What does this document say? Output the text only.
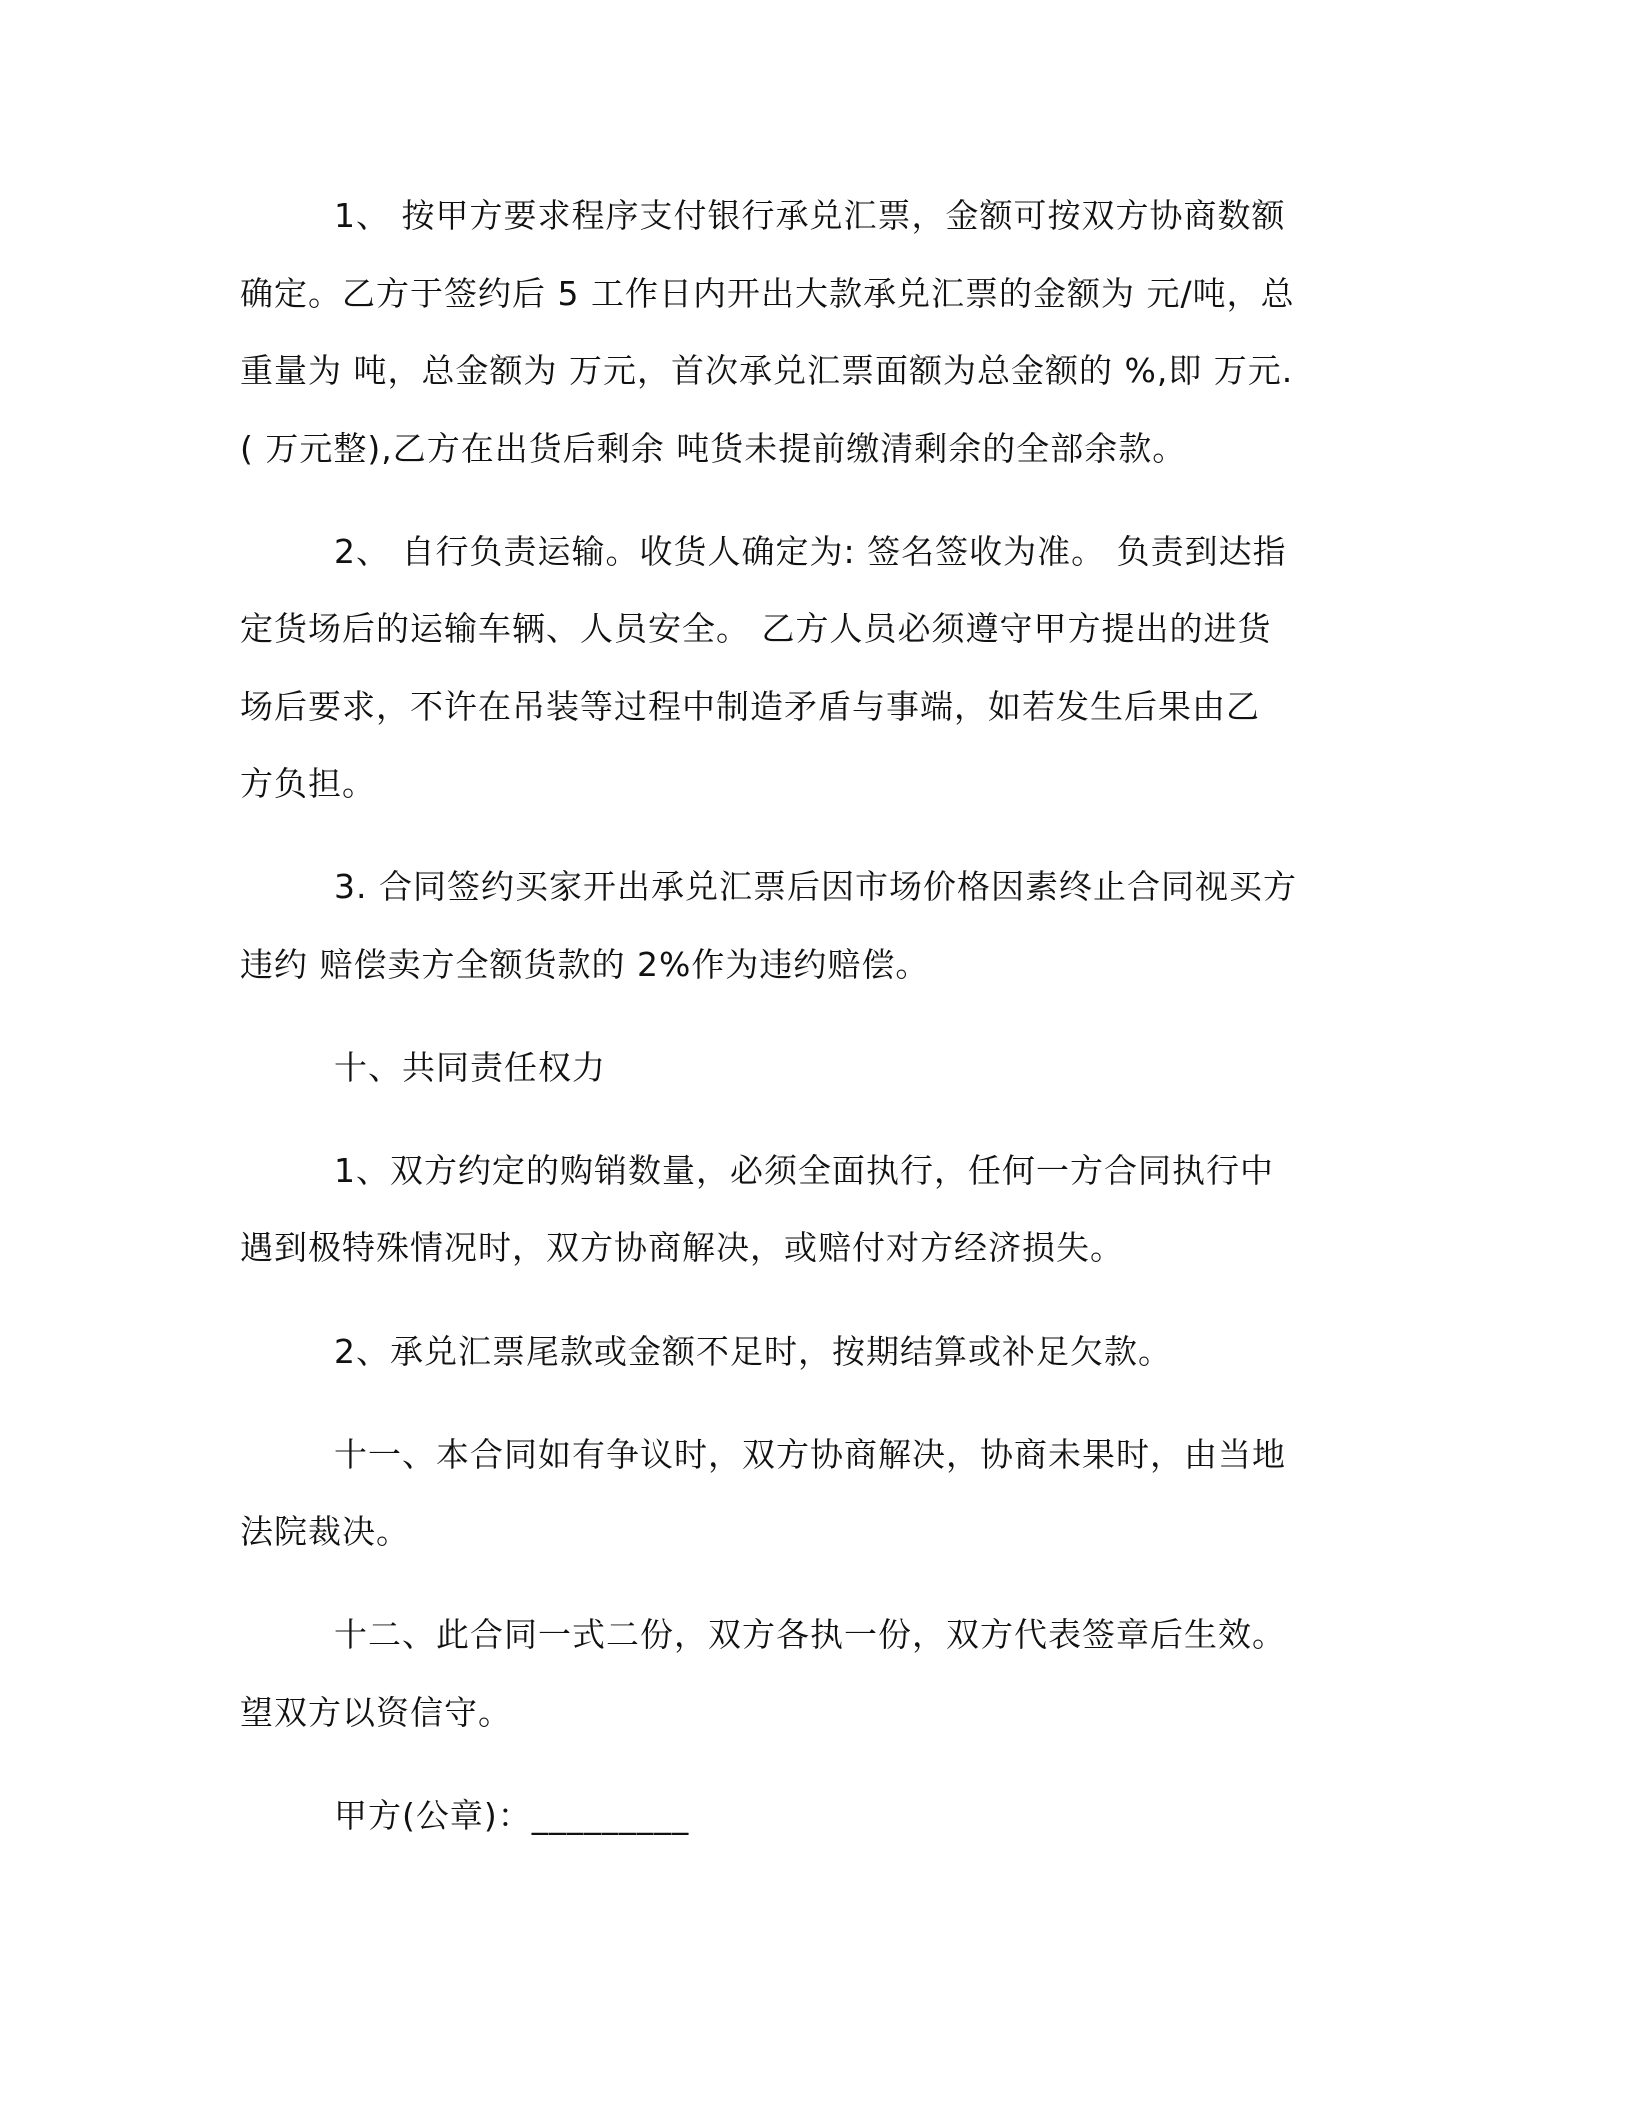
1、 按甲方要求程序支付银行承兑汇票，金额可按双方协商数额
确定。乙方于签约后 5 工作日内开出大款承兑汇票的金额为 元/吨，总
重量为 吨，总金额为 万元，首次承兑汇票面额为总金额的 %,即 万元.
( 万元整),乙方在出货后剩余 吨货未提前缴清剩余的全部余款。
2、 自行负责运输。收货人确定为: 签名签收为准。 负责到达指
定货场后的运输车辆、人员安全。 乙方人员必须遵守甲方提出的进货
场后要求，不许在吊装等过程中制造矛盾与事端，如若发生后果由乙
方负担。
3. 合同签约买家开出承兑汇票后因市场价格因素终止合同视买方
违约 赔偿卖方全额货款的 2%作为违约赔偿。
十、共同责任权力
1、双方约定的购销数量，必须全面执行，任何一方合同执行中
遇到极特殊情况时，双方协商解决，或赔付对方经济损失。
2、承兑汇票尾款或金额不足时，按期结算或补足欠款。
十一、本合同如有争议时，双方协商解决，协商未果时，由当地
法院裁决。
十二、此合同一式二份，双方各执一份，双方代表签章后生效。
望双方以资信守。
甲方(公章)：_________
